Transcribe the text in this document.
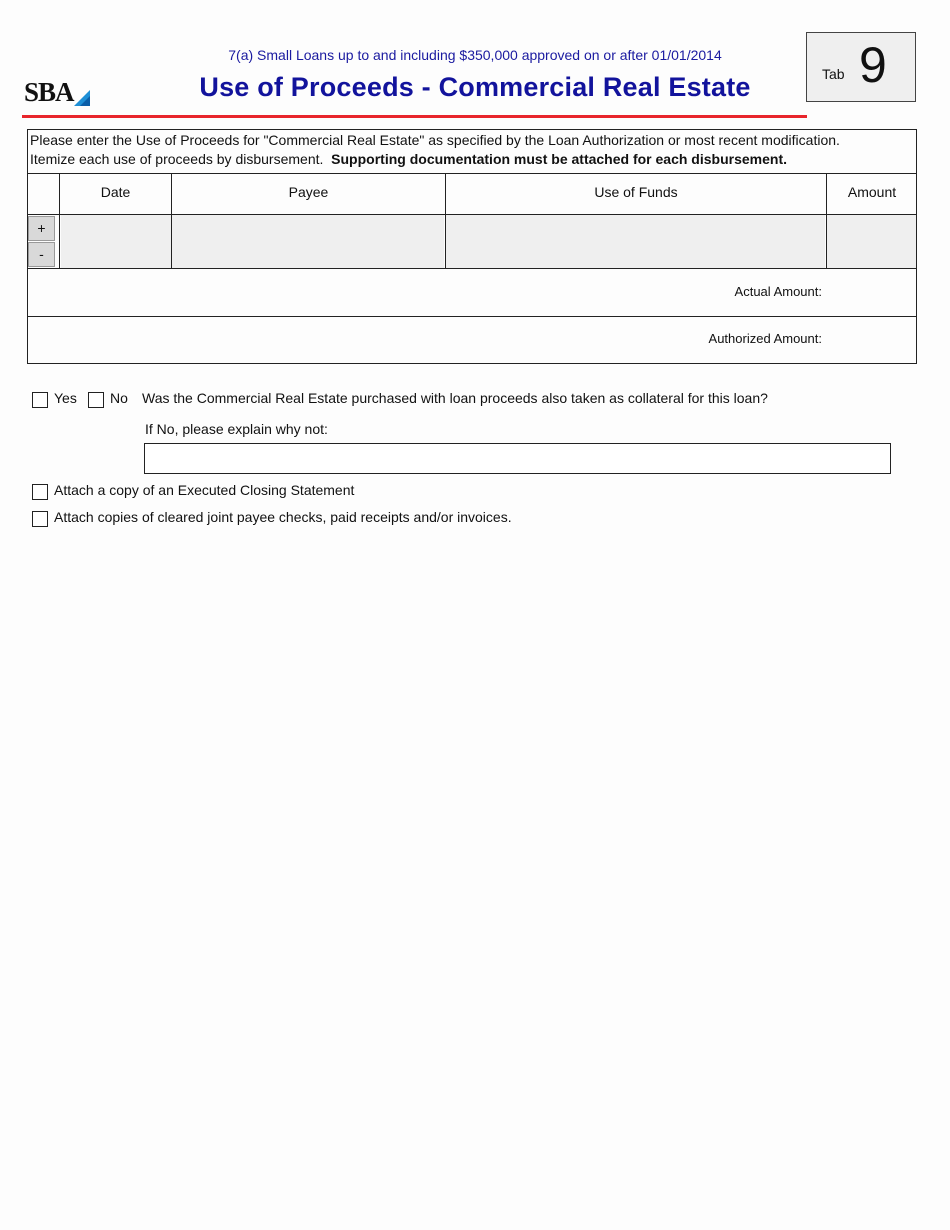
7(a) Small Loans up to and including $350,000 approved on or after 01/01/2014
Use of Proceeds - Commercial Real Estate
SBA
Tab 9
Please enter the Use of Proceeds for "Commercial Real Estate" as specified by the Loan Authorization or most recent modification.
Itemize each use of proceeds by disbursement. Supporting documentation must be attached for each disbursement.
Date	Payee	Use of Funds	Amount
+
-
Actual Amount:
Authorized Amount:
Yes No Was the Commercial Real Estate purchased with loan proceeds also taken as collateral for this loan?
If No, please explain why not:
Attach a copy of an Executed Closing Statement
Attach copies of cleared joint payee checks, paid receipts and/or invoices.
